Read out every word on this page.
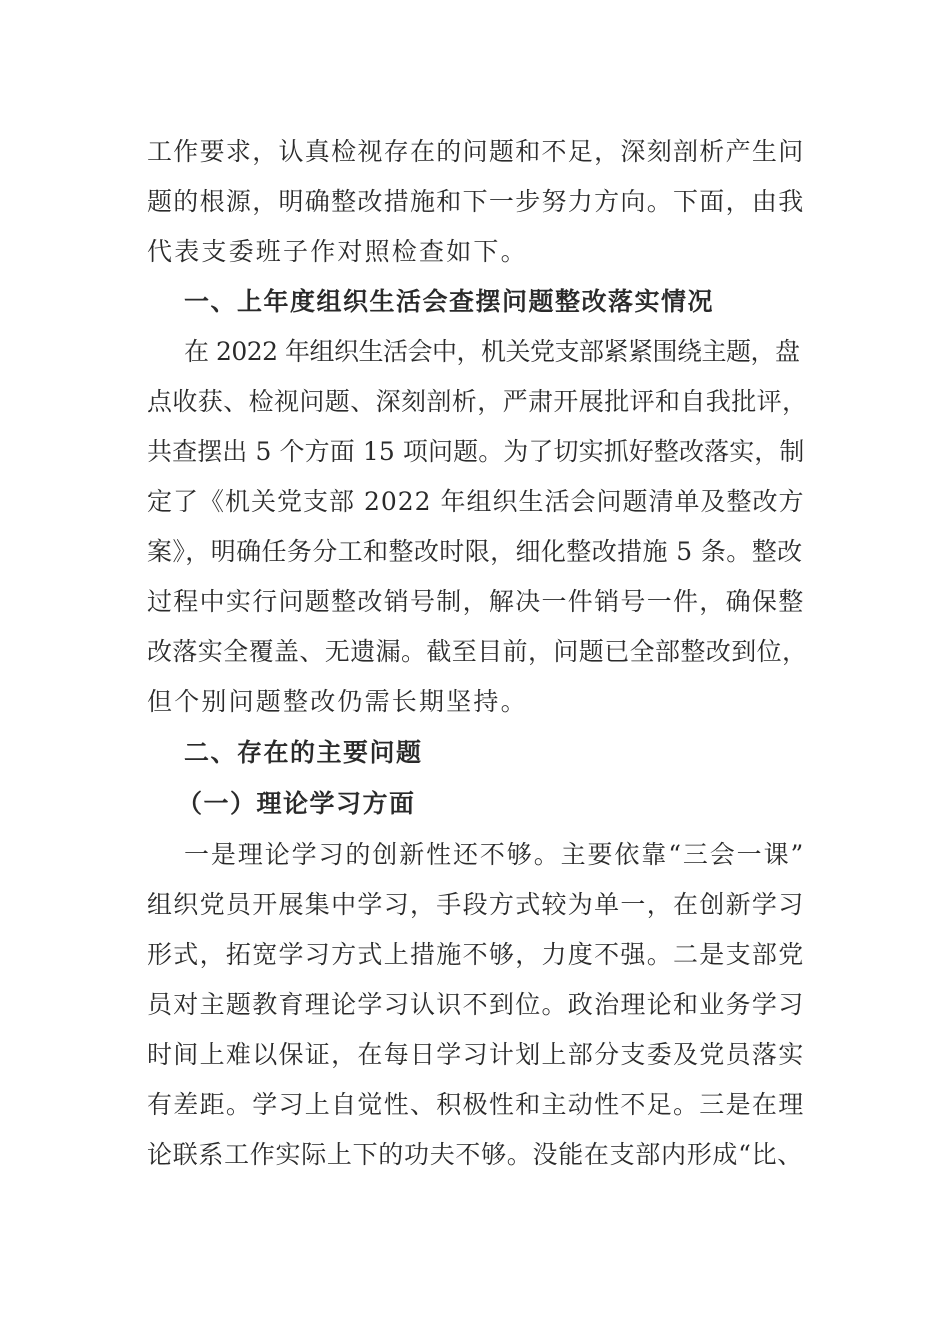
工作要求，认真检视存在的问题和不足，深刻剖析产生问
题的根源，明确整改措施和下一步努力方向。下面，由我
代表支委班子作对照检查如下。
一、上年度组织生活会查摆问题整改落实情况
在 2022 年组织生活会中，机关党支部紧紧围绕主题，盘
点收获、检视问题、深刻剖析，严肃开展批评和自我批评，
共查摆出 5 个方面 15 项问题。为了切实抓好整改落实，制
定了《机关党支部 2022 年组织生活会问题清单及整改方
案》，明确任务分工和整改时限，细化整改措施 5 条。整改
过程中实行问题整改销号制，解决一件销号一件，确保整
改落实全覆盖、无遗漏。截至目前，问题已全部整改到位，
但个别问题整改仍需长期坚持。
二、存在的主要问题
（一）理论学习方面
一是理论学习的创新性还不够。主要依靠“三会一课”
组织党员开展集中学习，手段方式较为单一，在创新学习
形式，拓宽学习方式上措施不够，力度不强。二是支部党
员对主题教育理论学习认识不到位。政治理论和业务学习
时间上难以保证，在每日学习计划上部分支委及党员落实
有差距。学习上自觉性、积极性和主动性不足。三是在理
论联系工作实际上下的功夫不够。没能在支部内形成“比、
